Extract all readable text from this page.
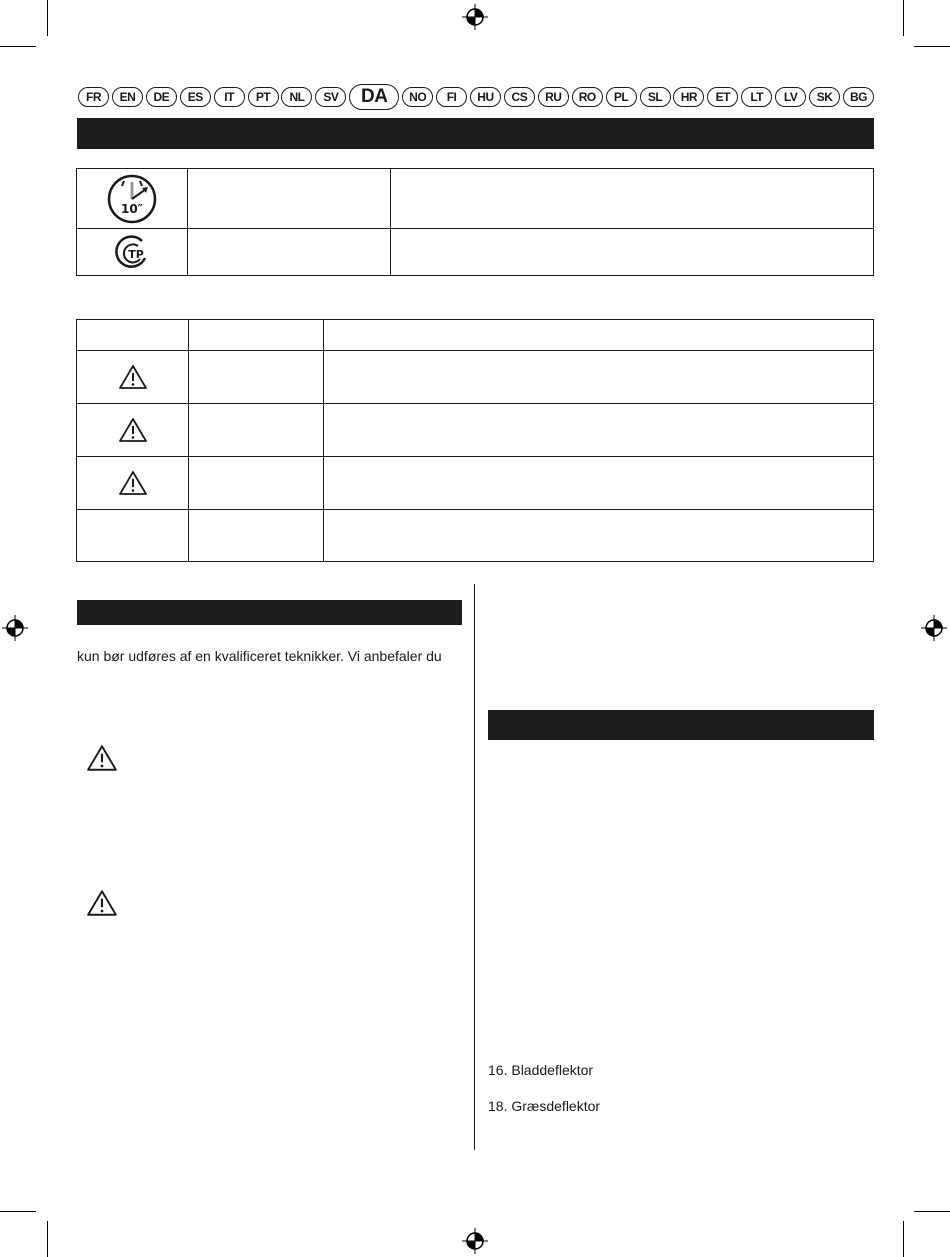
FR	EN	DE	ES	IT	PT	NL	SV	DA	NO	FI	HU	CS	RU	RO	PL	SL	HR	ET	LT	LV	SK	BG
10″		

TP		

kun bør udføres af en kvalificeret teknikker. Vi anbefaler du
16. Bladdeflektor
18. Græsdeflektor
